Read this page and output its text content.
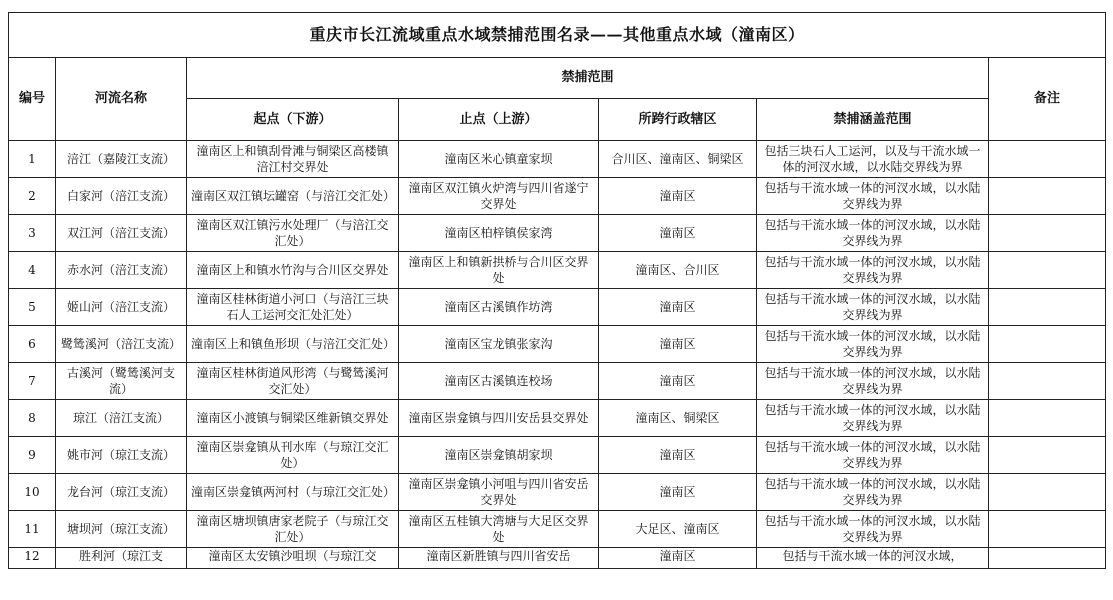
重庆市长江流域重点水域禁捕范围名录——其他重点水域（潼南区）						
编号	河流名称	禁捕范围				备注
		起点（下游）	止点（上游）	所跨行政辖区	禁捕涵盖范围	
1	涪江（嘉陵江支流）	潼南区上和镇刮骨滩与铜梁区高楼镇涪江村交界处	潼南区米心镇童家坝	合川区、潼南区、铜梁区	包括三块石人工运河，以及与干流水域一体的河汊水域，以水陆交界线为界	
2	白家河（涪江支流）	潼南区双江镇坛罐窑（与涪江交汇处）	潼南区双江镇火炉湾与四川省遂宁交界处	潼南区	包括与干流水域一体的河汊水域，以水陆交界线为界	
3	双江河（涪江支流）	潼南区双江镇污水处理厂（与涪江交汇处）	潼南区柏梓镇侯家湾	潼南区	包括与干流水域一体的河汊水域，以水陆交界线为界	
4	赤水河（涪江支流）	潼南区上和镇水竹沟与合川区交界处	潼南区上和镇新拱桥与合川区交界处	潼南区、合川区	包括与干流水域一体的河汊水域，以水陆交界线为界	
5	姬山河（涪江支流）	潼南区桂林街道小河口（与涪江三块石人工运河交汇处汇处）	潼南区古溪镇作坊湾	潼南区	包括与干流水域一体的河汊水域，以水陆交界线为界	
6	鹭鸶溪河（涪江支流）	潼南区上和镇鱼形坝（与涪江交汇处）	潼南区宝龙镇张家沟	潼南区	包括与干流水域一体的河汊水域，以水陆交界线为界	
7	古溪河（鹭鸶溪河支流）	潼南区桂林街道风形湾（与鹭鸶溪河交汇处）	潼南区古溪镇连校场	潼南区	包括与干流水域一体的河汊水域，以水陆交界线为界	
8	琼江（涪江支流）	潼南区小渡镇与铜梁区维新镇交界处	潼南区崇龛镇与四川安岳县交界处	潼南区、铜梁区	包括与干流水域一体的河汊水域，以水陆交界线为界	
9	姚市河（琼江支流）	潼南区崇龛镇从刊水库（与琼江交汇处）	潼南区崇龛镇胡家坝	潼南区	包括与干流水域一体的河汊水域，以水陆交界线为界	
10	龙台河（琼江支流）	潼南区崇龛镇两河村（与琼江交汇处）	潼南区崇龛镇小河咀与四川省安岳交界处	潼南区	包括与干流水域一体的河汊水域，以水陆交界线为界	
11	塘坝河（琼江支流）	潼南区塘坝镇唐家老院子（与琼江交汇处）	潼南区五桂镇大湾塘与大足区交界处	大足区、潼南区	包括与干流水域一体的河汊水域，以水陆交界线为界	
12	胜利河（琼江支	潼南区太安镇沙咀坝（与琼江交	潼南区新胜镇与四川省安岳	潼南区	包括与干流水域一体的河汊水域，	
